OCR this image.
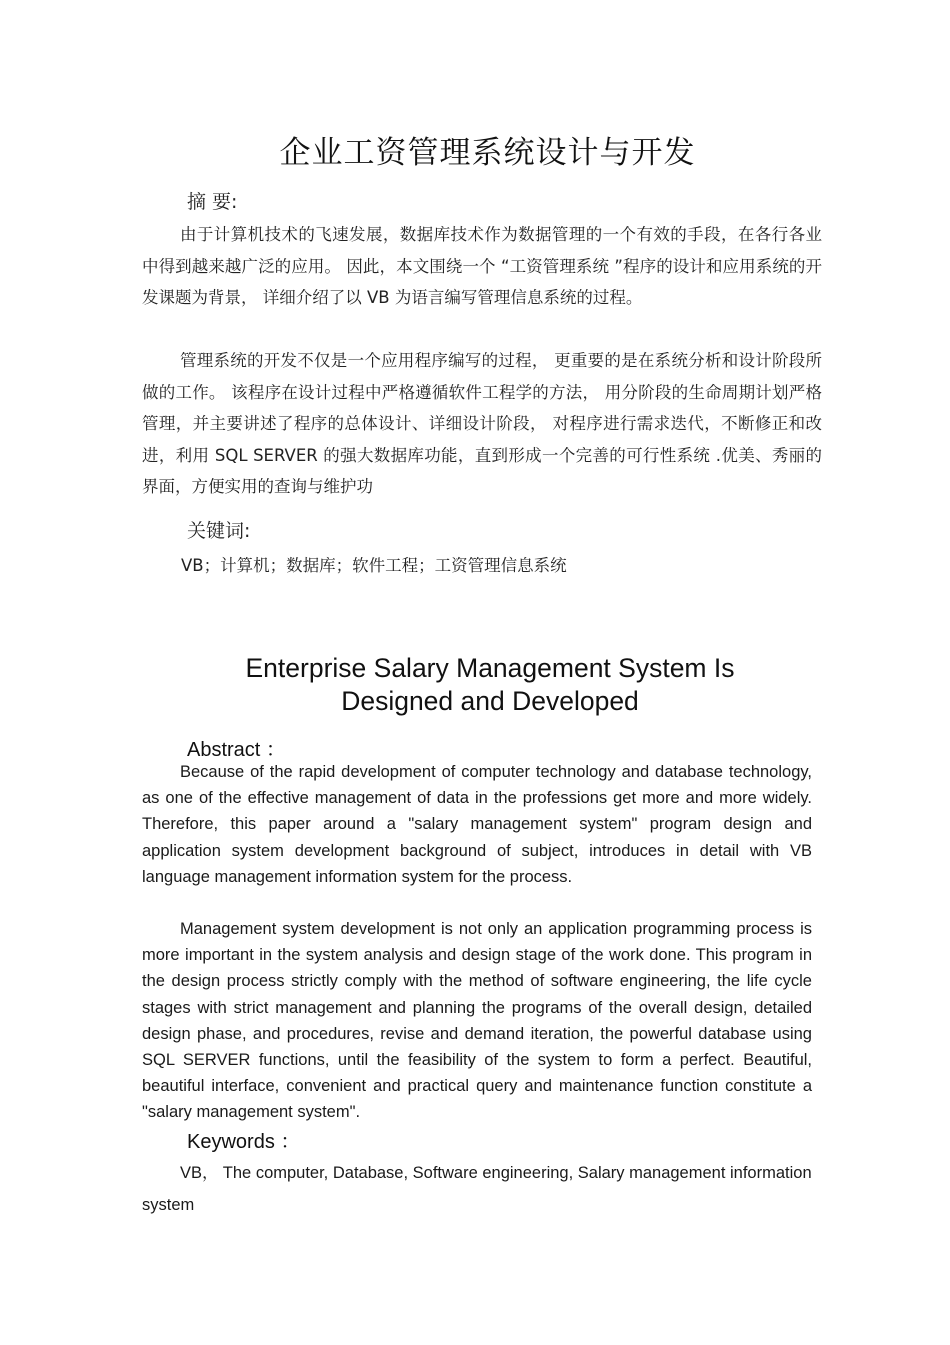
企业工资管理系统设计与开发
摘 要:
由于计算机技术的飞速发展，数据库技术作为数据管理的一个有效的手段，在各行各业中得到越来越广泛的应用。 因此，本文围绕一个 “工资管理系统 ”程序的设计和应用系统的开发课题为背景， 详细介绍了以 VB 为语言编写管理信息系统的过程。
管理系统的开发不仅是一个应用程序编写的过程， 更重要的是在系统分析和设计阶段所做的工作。 该程序在设计过程中严格遵循软件工程学的方法， 用分阶段的生命周期计划严格管理，并主要讲述了程序的总体设计、详细设计阶段， 对程序进行需求迭代，不断修正和改进，利用 SQL SERVER 的强大数据库功能，直到形成一个完善的可行性系统 .优美、秀丽的界面，方便实用的查询与维护功
关键词:
VB；计算机；数据库；软件工程；工资管理信息系统
Enterprise Salary Management System Is
Designed and Developed
Abstract ：
Because of the rapid development of computer technology and database technology, as one of the effective management of data in the professions get more and more widely. Therefore, this paper around a "salary management system" program design and application system development background of subject, introduces in detail with VB language management information system for the process.
Management system development is not only an application programming process is more important in the system analysis and design stage of the work done. This program in the design process strictly comply with the method of software engineering, the life cycle stages with strict management and planning the programs of the overall design, detailed design phase, and procedures, revise and demand iteration, the powerful database using SQL SERVER functions, until the feasibility of the system to form a perfect. Beautiful, beautiful interface, convenient and practical query and maintenance function constitute a "salary management system".
Keywords ：
VB， The computer, Database, Software engineering, Salary management information system
